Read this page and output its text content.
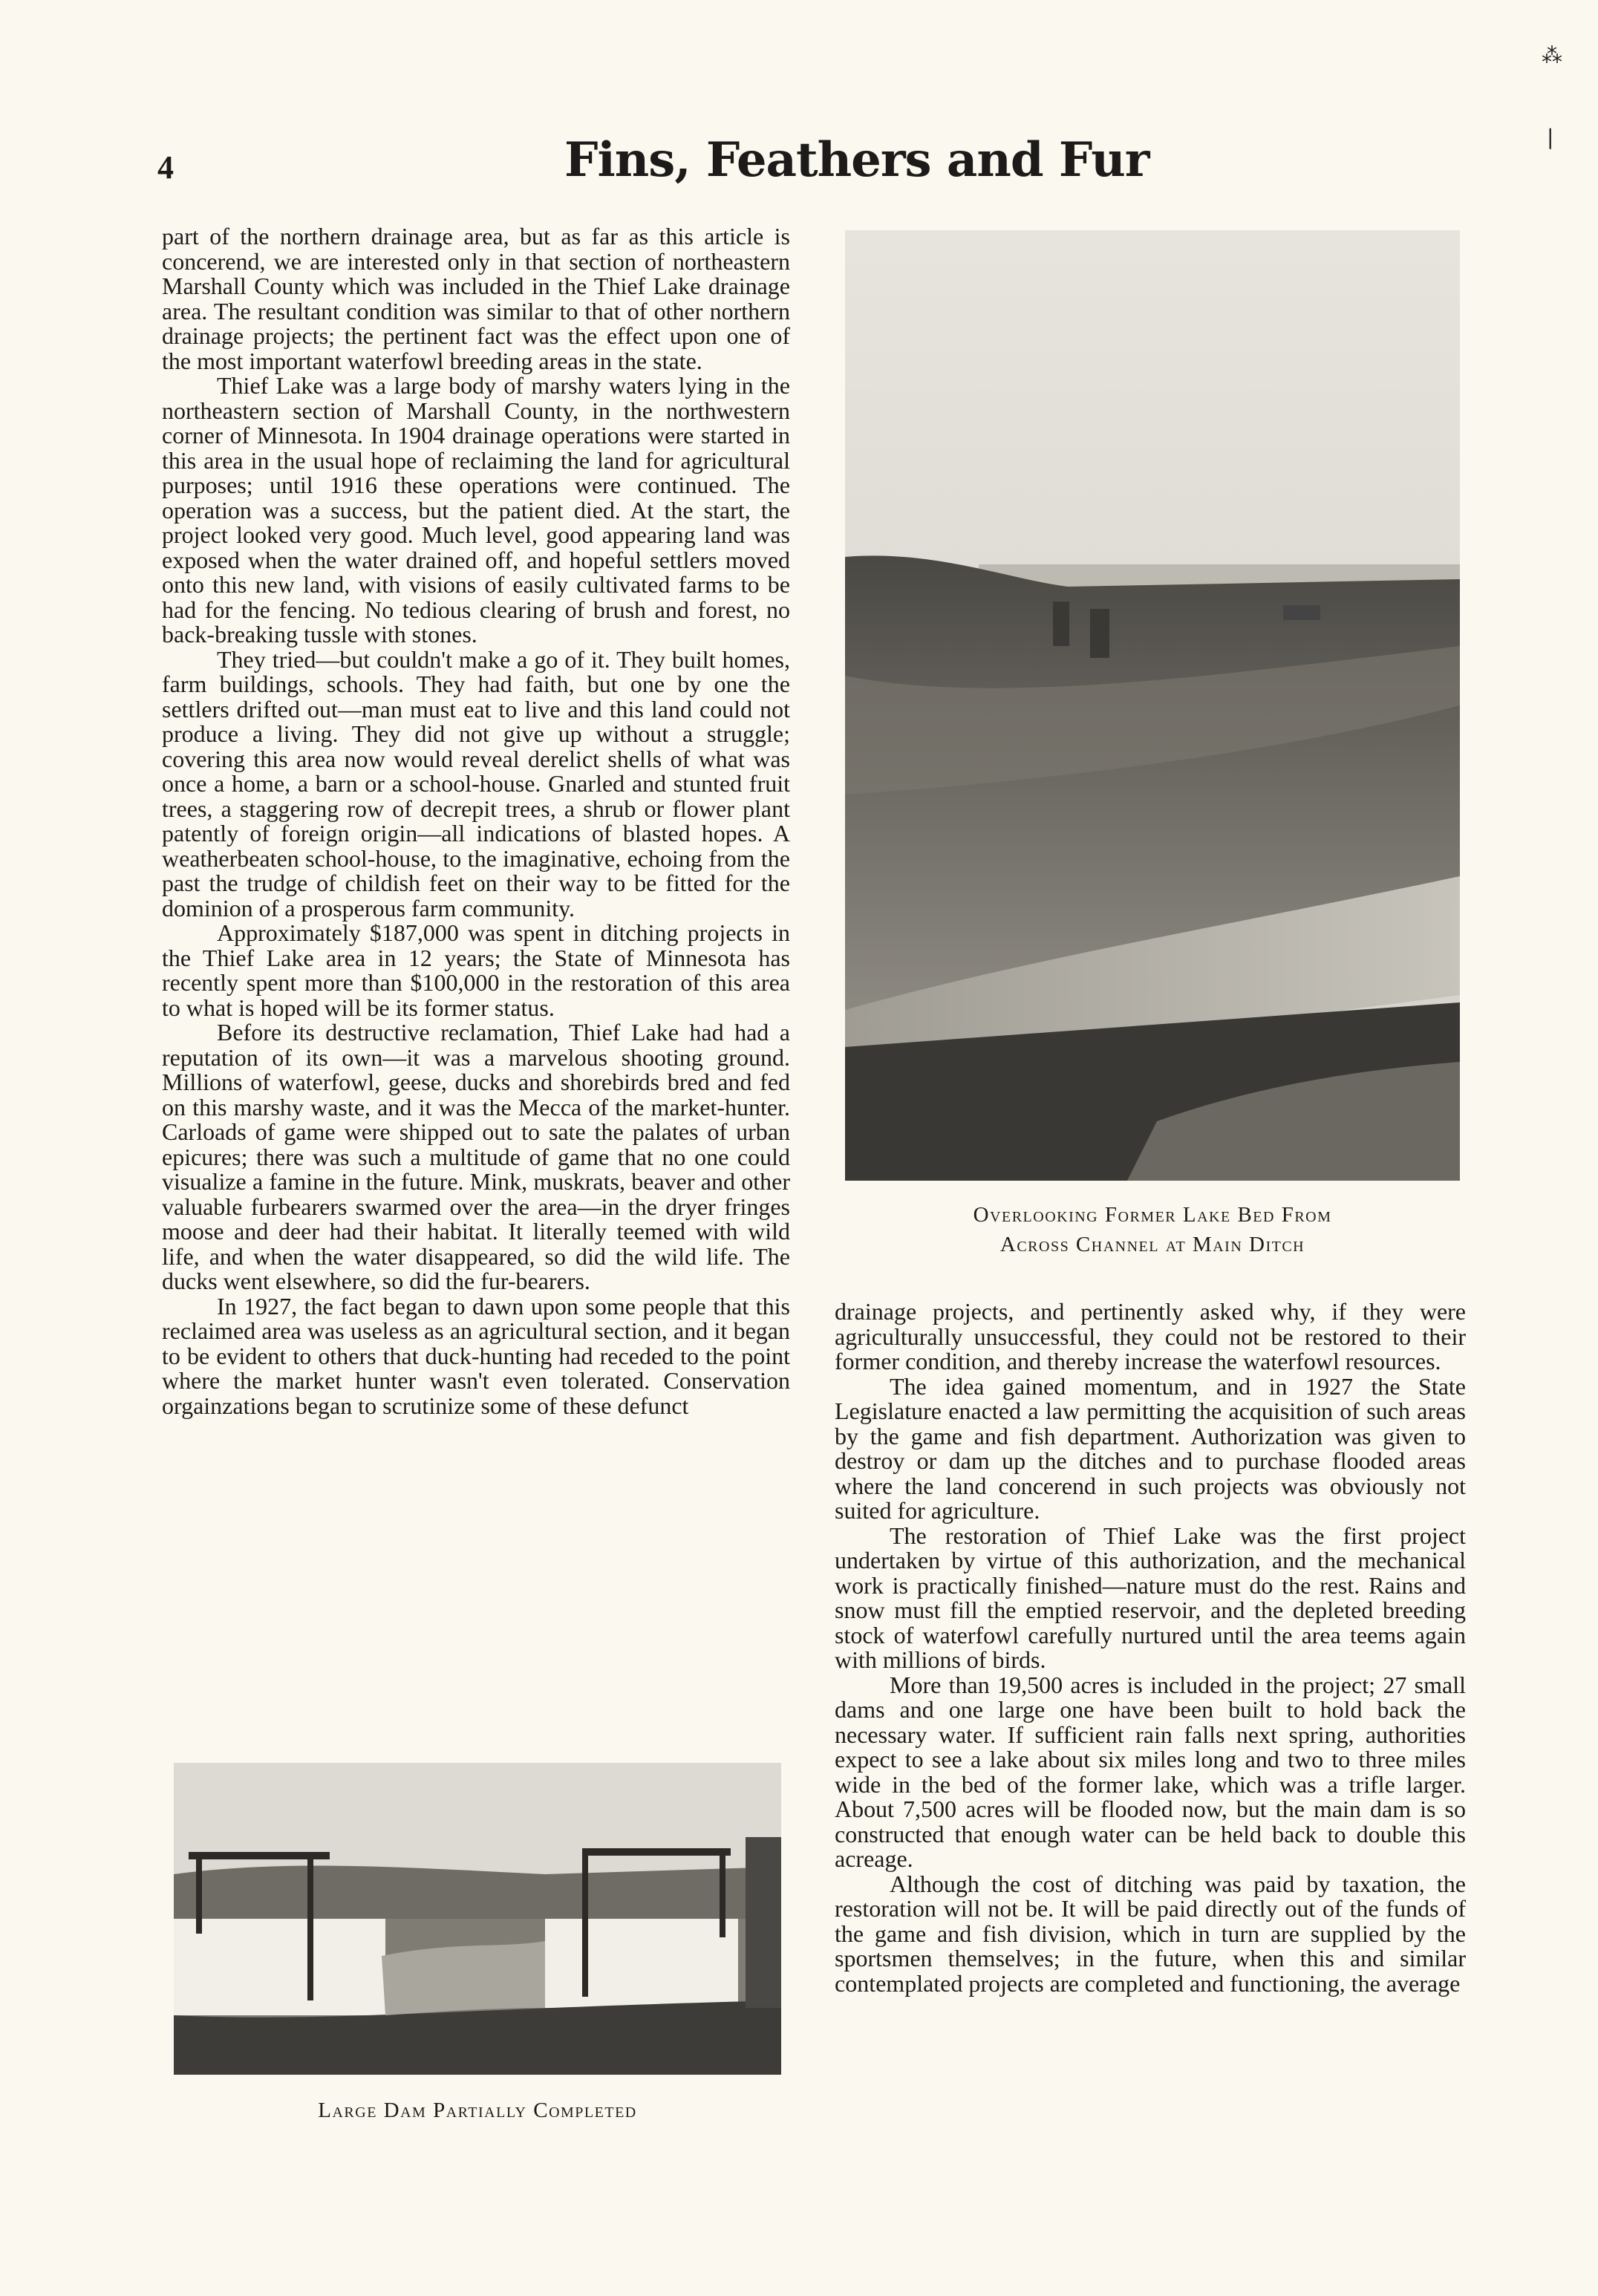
4	Fins, Feathers and Fur

part of the northern drainage area, but as far as this article is concerend, we are interested only in that section of northeastern Marshall County which was included in the Thief Lake drainage area. The resultant condition was similar to that of other northern drainage projects; the pertinent fact was the effect upon one of the most important waterfowl breeding areas in the state.

Thief Lake was a large body of marshy waters lying in the northeastern section of Marshall County, in the northwestern corner of Minnesota. In 1904 drainage operations were started in this area in the usual hope of reclaiming the land for agricultural purposes; until 1916 these operations were continued. The operation was a success, but the patient died. At the start, the project looked very good. Much level, good appearing land was exposed when the water drained off, and hopeful settlers moved onto this new land, with visions of easily cultivated farms to be had for the fencing. No tedious clearing of brush and forest, no back-breaking tussle with stones.

They tried—but couldn't make a go of it. They built homes, farm buildings, schools. They had faith, but one by one the settlers drifted out—man must eat to live and this land could not produce a living. They did not give up without a struggle; covering this area now would reveal derelict shells of what was once a home, a barn or a school-house. Gnarled and stunted fruit trees, a staggering row of decrepit trees, a shrub or flower plant patently of foreign origin—all indications of blasted hopes. A weatherbeaten school-house, to the imaginative, echoing from the past the trudge of childish feet on their way to be fitted for the dominion of a prosperous farm community.

Approximately $187,000 was spent in ditching projects in the Thief Lake area in 12 years; the State of Minnesota has recently spent more than $100,000 in the restoration of this area to what is hoped will be its former status.

Before its destructive reclamation, Thief Lake had had a reputation of its own—it was a marvelous shooting ground. Millions of waterfowl, geese, ducks and shorebirds bred and fed on this marshy waste, and it was the Mecca of the market-hunter. Carloads of game were shipped out to sate the palates of urban epicures; there was such a multitude of game that no one could visualize a famine in the future. Mink, muskrats, beaver and other valuable furbearers swarmed over the area—in the dryer fringes moose and deer had their habitat. It literally teemed with wild life, and when the water disappeared, so did the wild life. The ducks went elsewhere, so did the fur-bearers.

In 1927, the fact began to dawn upon some people that this reclaimed area was useless as an agricultural section, and it began to be evident to others that duck-hunting had receded to the point where the market hunter wasn't even tolerated. Conservation orgainzations began to scrutinize some of these defunct

drainage projects, and pertinently asked why, if they were agriculturally unsuccessful, they could not be restored to their former condition, and thereby increase the waterfowl resources.

The idea gained momentum, and in 1927 the State Legislature enacted a law permitting the acquisition of such areas by the game and fish department. Authorization was given to destroy or dam up the ditches and to purchase flooded areas where the land concerend in such projects was obviously not suited for agriculture.

The restoration of Thief Lake was the first project undertaken by virtue of this authorization, and the mechanical work is practically finished—nature must do the rest. Rains and snow must fill the emptied reservoir, and the depleted breeding stock of waterfowl carefully nurtured until the area teems again with millions of birds.

More than 19,500 acres is included in the project; 27 small dams and one large one have been built to hold back the necessary water. If sufficient rain falls next spring, authorities expect to see a lake about six miles long and two to three miles wide in the bed of the former lake, which was a trifle larger. About 7,500 acres will be flooded now, but the main dam is so constructed that enough water can be held back to double this acreage.

Although the cost of ditching was paid by taxation, the restoration will not be. It will be paid directly out of the funds of the game and fish division, which in turn are supplied by the sportsmen themselves; in the future, when this and similar contemplated projects are completed and functioning, the average

Overlooking Former Lake Bed From
Across Channel at Main Ditch
Large Dam Partially Completed
⁂
❘
